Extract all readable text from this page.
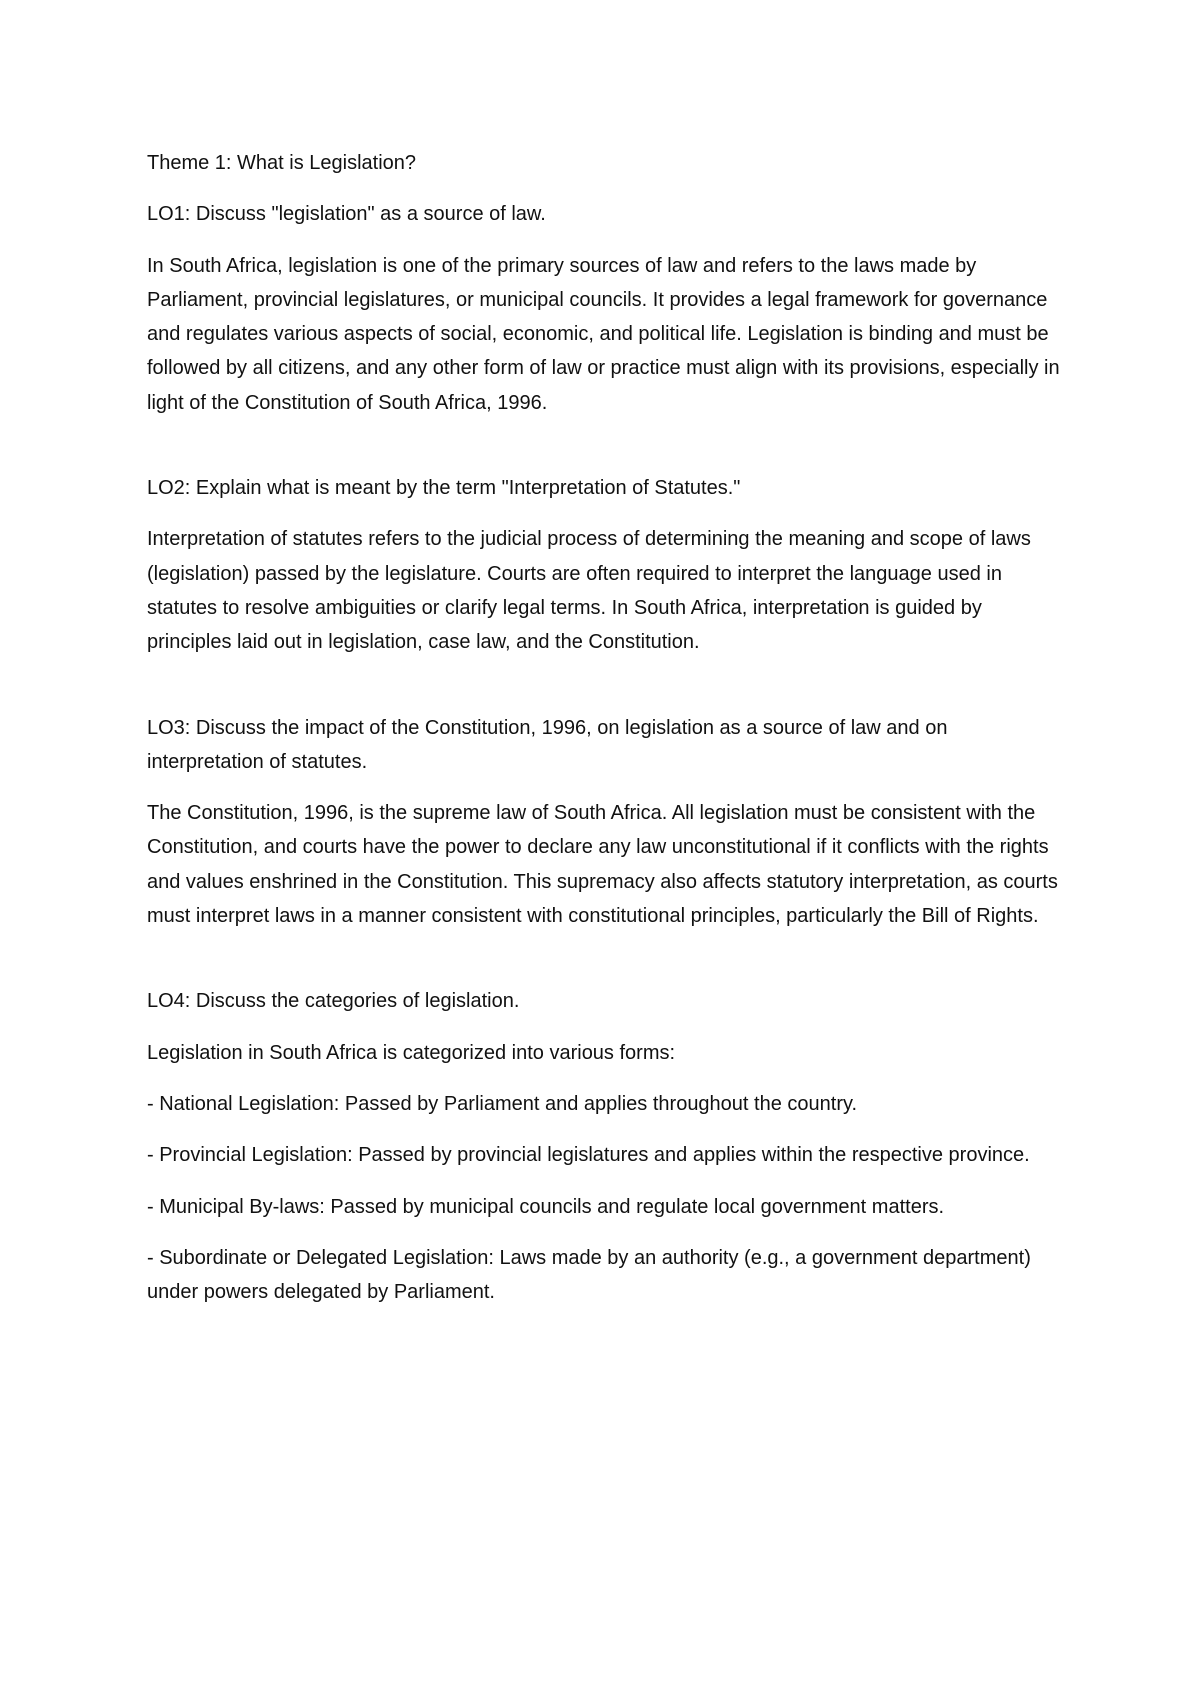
Theme 1: What is Legislation?

LO1: Discuss "legislation" as a source of law.

In South Africa, legislation is one of the primary sources of law and refers to the laws made by Parliament, provincial legislatures, or municipal councils. It provides a legal framework for governance and regulates various aspects of social, economic, and political life. Legislation is binding and must be followed by all citizens, and any other form of law or practice must align with its provisions, especially in light of the Constitution of South Africa, 1996.

LO2: Explain what is meant by the term "Interpretation of Statutes."

Interpretation of statutes refers to the judicial process of determining the meaning and scope of laws (legislation) passed by the legislature. Courts are often required to interpret the language used in statutes to resolve ambiguities or clarify legal terms. In South Africa, interpretation is guided by principles laid out in legislation, case law, and the Constitution.

LO3: Discuss the impact of the Constitution, 1996, on legislation as a source of law and on interpretation of statutes.

The Constitution, 1996, is the supreme law of South Africa. All legislation must be consistent with the Constitution, and courts have the power to declare any law unconstitutional if it conflicts with the rights and values enshrined in the Constitution. This supremacy also affects statutory interpretation, as courts must interpret laws in a manner consistent with constitutional principles, particularly the Bill of Rights.

LO4: Discuss the categories of legislation.

Legislation in South Africa is categorized into various forms:

- National Legislation: Passed by Parliament and applies throughout the country.

- Provincial Legislation: Passed by provincial legislatures and applies within the respective province.

- Municipal By-laws: Passed by municipal councils and regulate local government matters.

- Subordinate or Delegated Legislation: Laws made by an authority (e.g., a government department) under powers delegated by Parliament.
